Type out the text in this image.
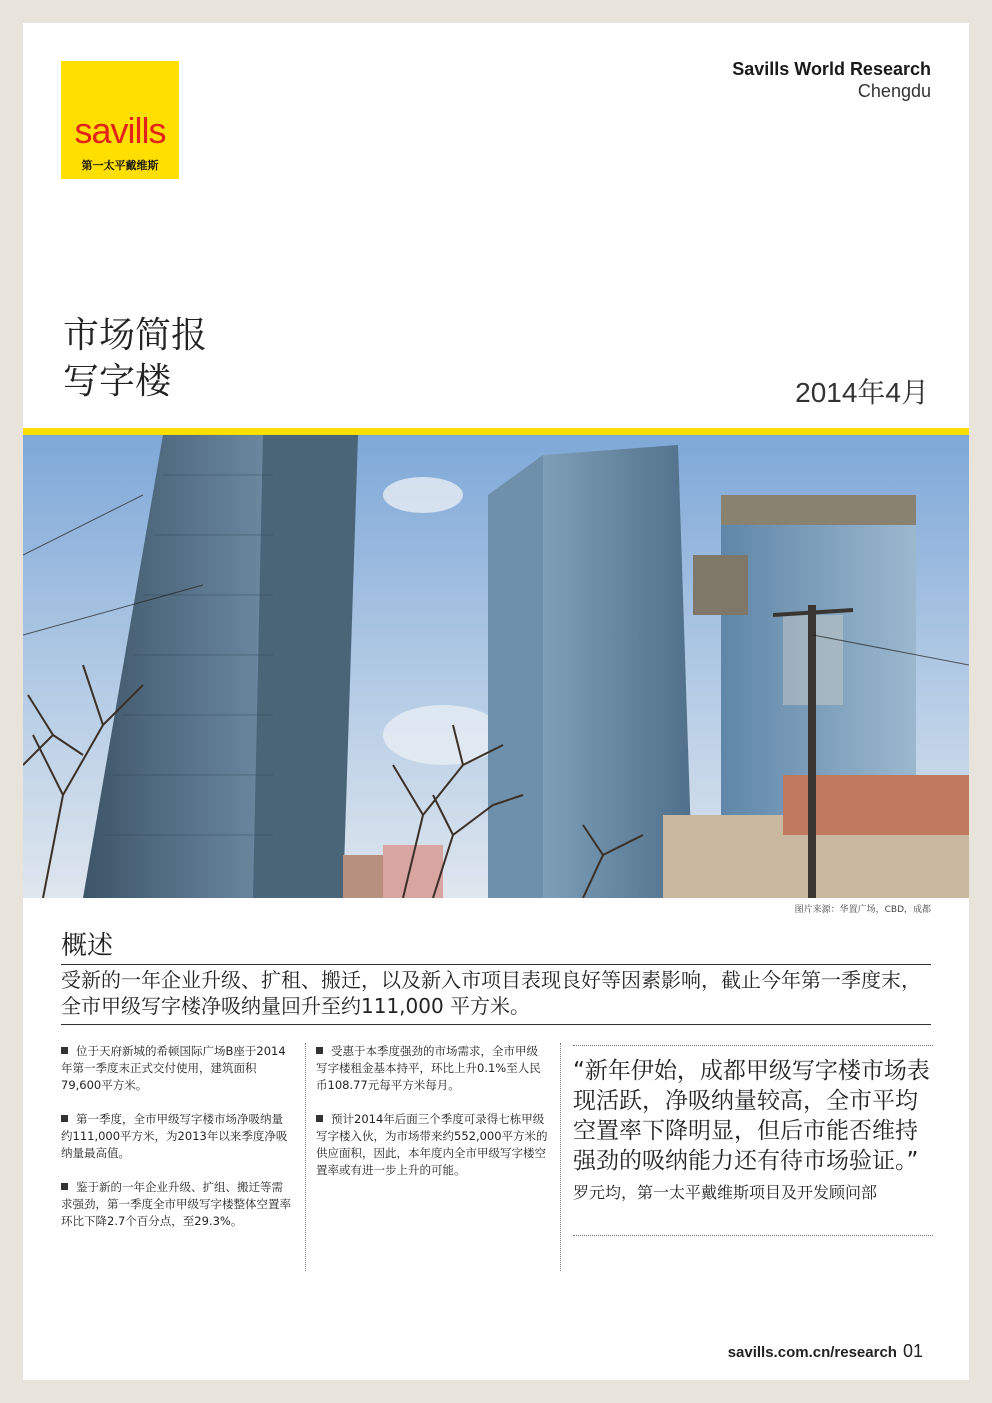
savills
第一太平戴维斯
Savills World Research
Chengdu
市场简报
写字楼	2014年4月
图片来源：华置广场，CBD，成都
概述
受新的一年企业升级、扩租、搬迁，以及新入市项目表现良好等因素影响，截止今年第一季度末，全市甲级写字楼净吸纳量回升至约111,000 平方米。
位于天府新城的希顿国际广场B座于2014年第一季度末正式交付使用，建筑面积79,600平方米。
第一季度，全市甲级写字楼市场净吸纳量约111,000平方米，为2013年以来季度净吸纳量最高值。
鉴于新的一年企业升级、扩组、搬迁等需求强劲，第一季度全市甲级写字楼整体空置率环比下降2.7个百分点，至29.3%。
受惠于本季度强劲的市场需求，全市甲级写字楼租金基本持平，环比上升0.1%至人民币108.77元每平方米每月。
预计2014年后面三个季度可录得七栋甲级写字楼入伙，为市场带来约552,000平方米的供应面积，因此，本年度内全市甲级写字楼空置率或有进一步上升的可能。
“新年伊始，成都甲级写字楼市场表现活跃，净吸纳量较高，全市平均空置率下降明显，但后市能否维持强劲的吸纳能力还有待市场验证。” 罗元均，第一太平戴维斯项目及开发顾问部
savills.com.cn/research 01
